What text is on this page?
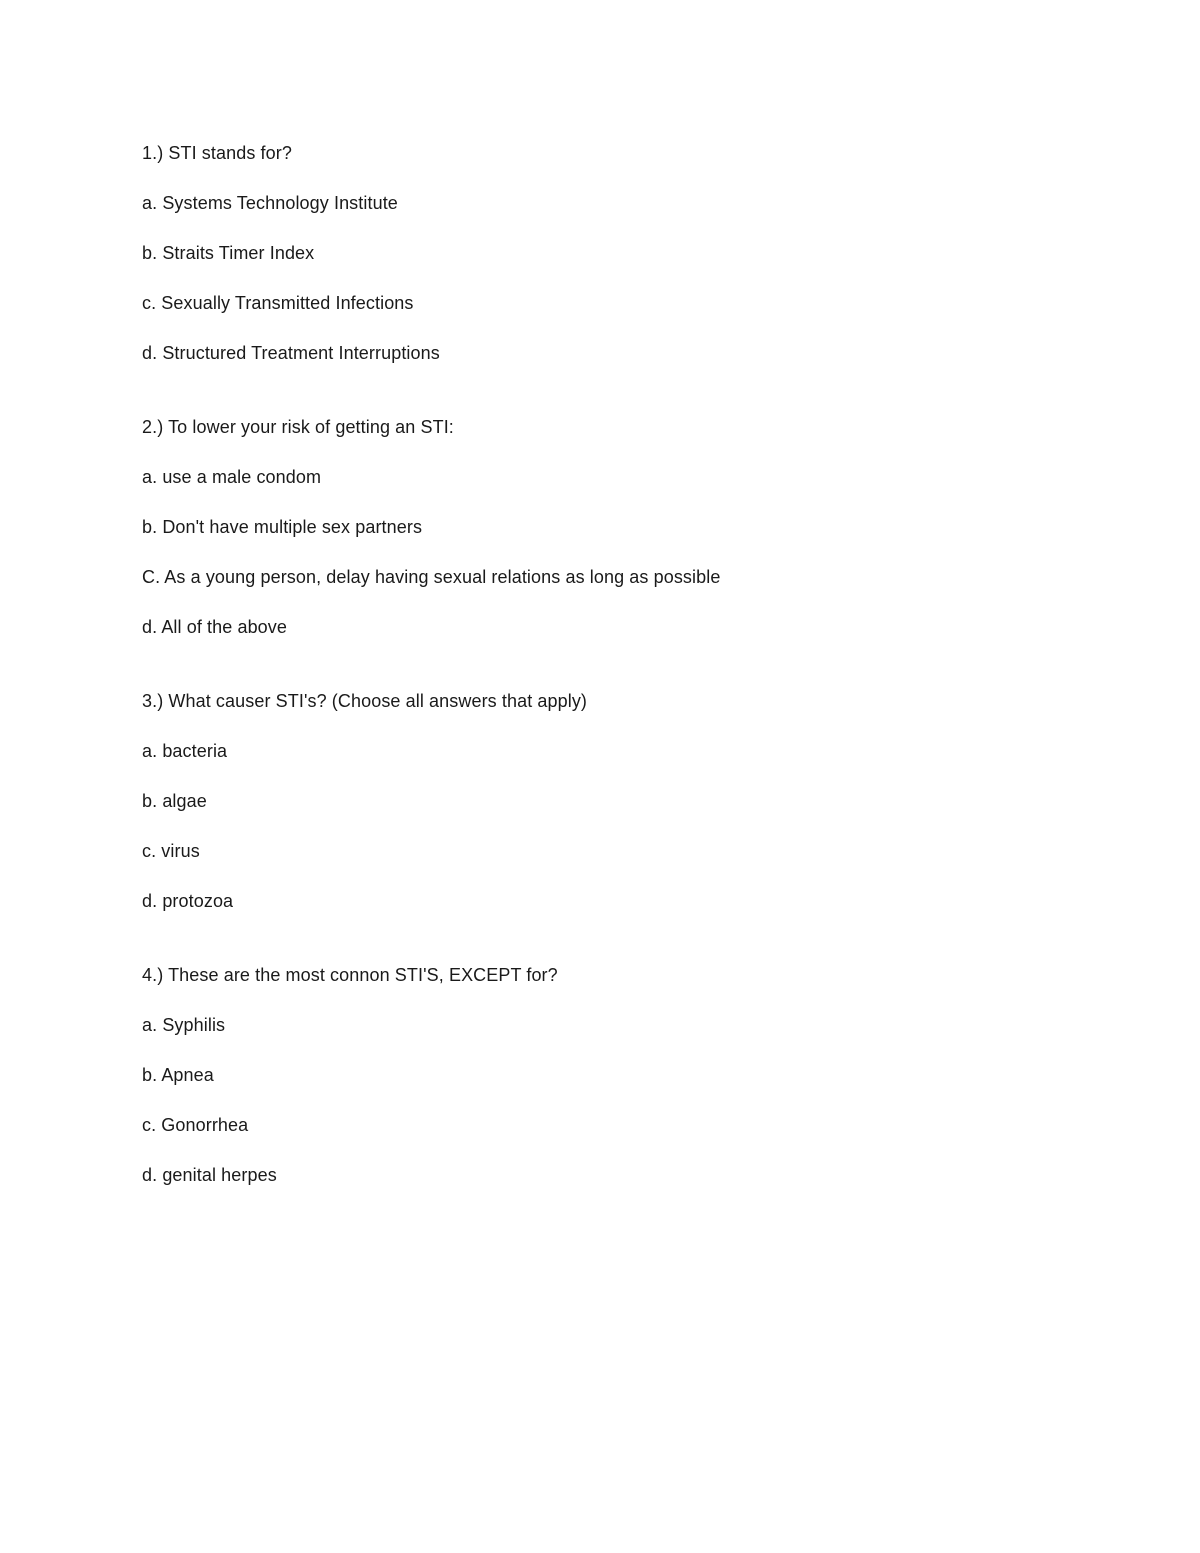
1.) STI stands for?
a. Systems Technology Institute
b. Straits Timer Index
c. Sexually Transmitted Infections
d. Structured Treatment Interruptions
2.) To lower your risk of getting an STI:
a. use a male condom
b. Don't have multiple sex partners
C. As a young person, delay having sexual relations as long as possible
d. All of the above
3.) What causer STI's? (Choose all answers that apply)
a. bacteria
b. algae
c. virus
d. protozoa
4.) These are the most connon STI'S, EXCEPT for?
a. Syphilis
b. Apnea
c. Gonorrhea
d. genital herpes
